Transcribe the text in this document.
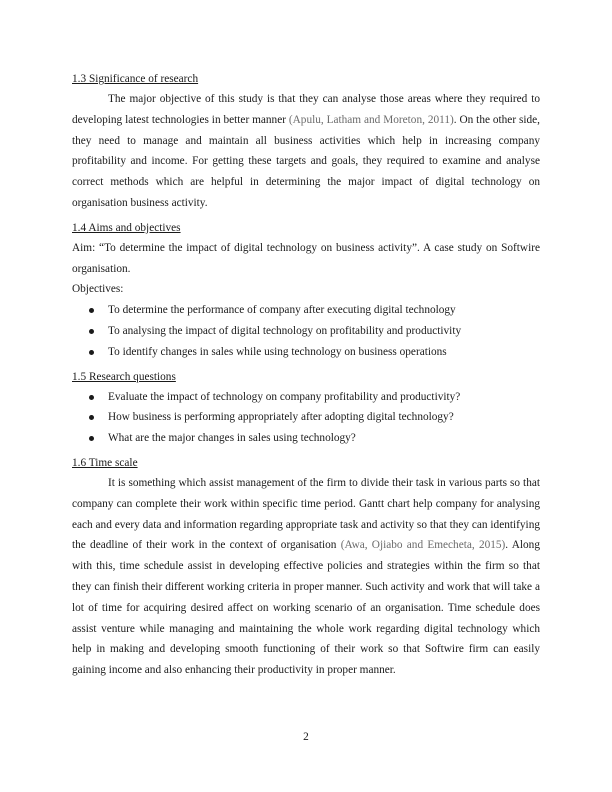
1.3 Significance of research

The major objective of this study is that they can analyse those areas where they required to developing latest technologies in better manner (Apulu, Latham and Moreton, 2011). On the other side, they need to manage and maintain all business activities which help in increasing company profitability and income. For getting these targets and goals, they required to examine and analyse correct methods which are helpful in determining the major impact of digital technology on organisation business activity.

1.4 Aims and objectives

Aim: “To determine the impact of digital technology on business activity”. A case study on Softwire organisation.

Objectives:

To determine the performance of company after executing digital technology
To analysing the impact of digital technology on profitability and productivity
To identify changes in sales while using technology on business operations
1.5 Research questions
Evaluate the impact of technology on company profitability and productivity?
How business is performing appropriately after adopting digital technology?
What are the major changes in sales using technology?
1.6 Time scale

It is something which assist management of the firm to divide their task in various parts so that company can complete their work within specific time period. Gantt chart help company for analysing each and every data and information regarding appropriate task and activity so that they can identifying the deadline of their work in the context of organisation (Awa, Ojiabo and Emecheta, 2015). Along with this, time schedule assist in developing effective policies and strategies within the firm so that they can finish their different working criteria in proper manner. Such activity and work that will take a lot of time for acquiring desired affect on working scenario of an organisation. Time schedule does assist venture while managing and maintaining the whole work regarding digital technology which help in making and developing smooth functioning of their work so that Softwire firm can easily gaining income and also enhancing their productivity in proper manner.

2
